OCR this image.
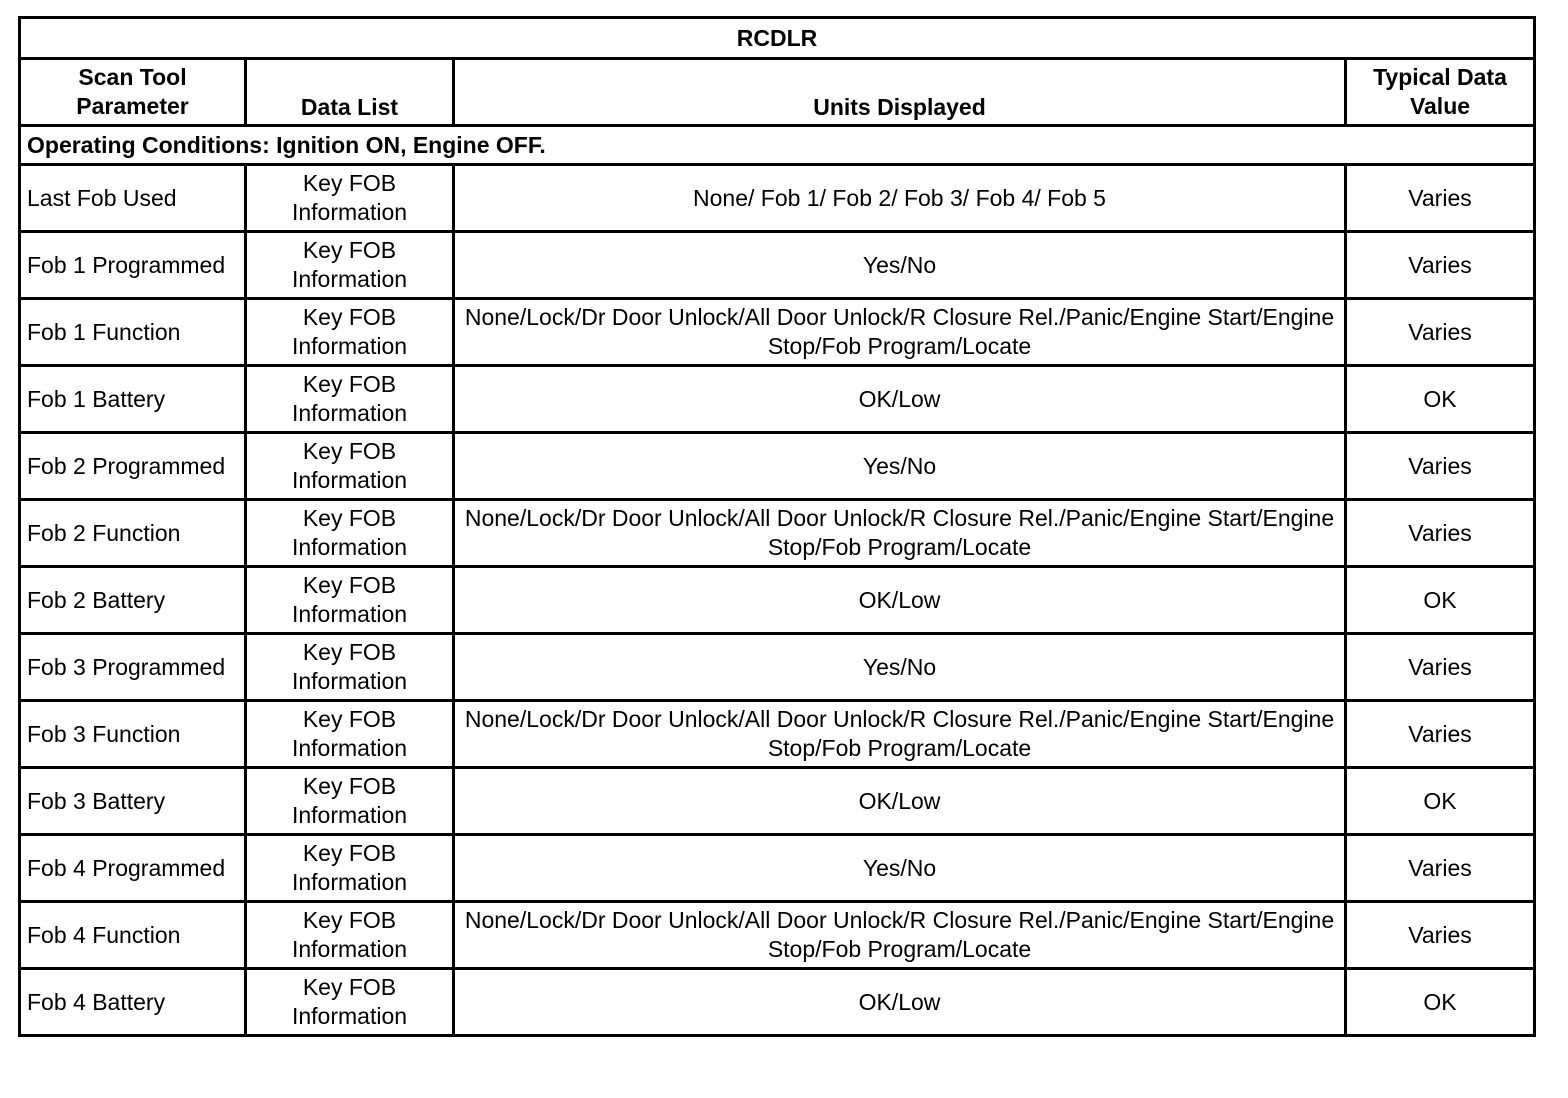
RCDLR			
Scan Tool Parameter	Data List	Units Displayed	Typical Data Value
Operating Conditions: Ignition ON, Engine OFF.			
Last Fob Used	Key FOB Information	None/ Fob 1/ Fob 2/ Fob 3/ Fob 4/ Fob 5	Varies
Fob 1 Programmed	Key FOB Information	Yes/No	Varies
Fob 1 Function	Key FOB Information	None/Lock/Dr Door Unlock/All Door Unlock/R Closure Rel./Panic/Engine Start/Engine Stop/Fob Program/Locate	Varies
Fob 1 Battery	Key FOB Information	OK/Low	OK
Fob 2 Programmed	Key FOB Information	Yes/No	Varies
Fob 2 Function	Key FOB Information	None/Lock/Dr Door Unlock/All Door Unlock/R Closure Rel./Panic/Engine Start/Engine Stop/Fob Program/Locate	Varies
Fob 2 Battery	Key FOB Information	OK/Low	OK
Fob 3 Programmed	Key FOB Information	Yes/No	Varies
Fob 3 Function	Key FOB Information	None/Lock/Dr Door Unlock/All Door Unlock/R Closure Rel./Panic/Engine Start/Engine Stop/Fob Program/Locate	Varies
Fob 3 Battery	Key FOB Information	OK/Low	OK
Fob 4 Programmed	Key FOB Information	Yes/No	Varies
Fob 4 Function	Key FOB Information	None/Lock/Dr Door Unlock/All Door Unlock/R Closure Rel./Panic/Engine Start/Engine Stop/Fob Program/Locate	Varies
Fob 4 Battery	Key FOB Information	OK/Low	OK
